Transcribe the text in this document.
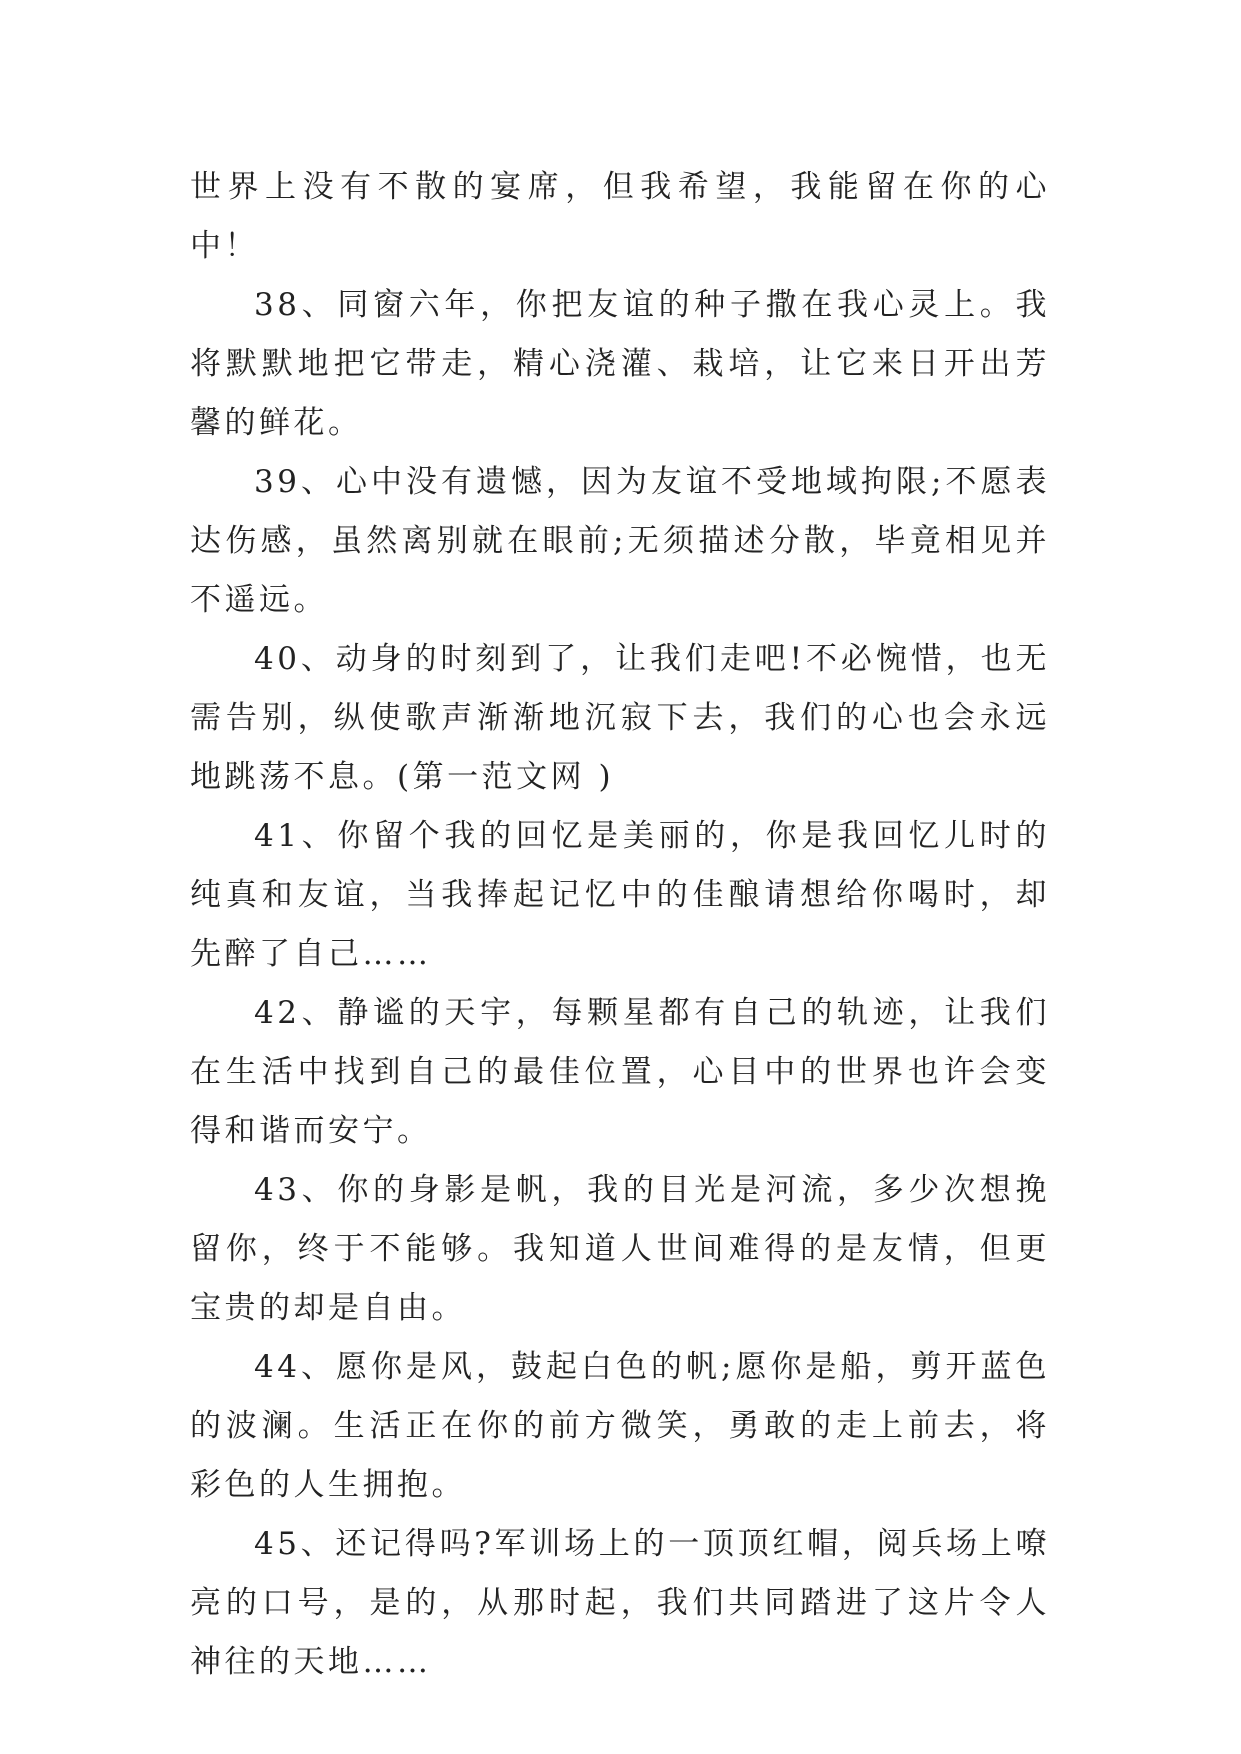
世界上没有不散的宴席，但我希望，我能留在你的心中！

38、同窗六年，你把友谊的种子撒在我心灵上。我将默默地把它带走，精心浇灌、栽培，让它来日开出芳馨的鲜花。

39、心中没有遗憾，因为友谊不受地域拘限;不愿表达伤感，虽然离别就在眼前;无须描述分散，毕竟相见并不遥远。

40、动身的时刻到了，让我们走吧!不必惋惜，也无需告别，纵使歌声渐渐地沉寂下去，我们的心也会永远地跳荡不息。(第一范文网 )

41、你留个我的回忆是美丽的，你是我回忆儿时的纯真和友谊，当我捧起记忆中的佳酿请想给你喝时，却先醉了自己……

42、静谧的天宇，每颗星都有自己的轨迹，让我们在生活中找到自己的最佳位置，心目中的世界也许会变得和谐而安宁。

43、你的身影是帆，我的目光是河流，多少次想挽留你，终于不能够。我知道人世间难得的是友情，但更宝贵的却是自由。

44、愿你是风，鼓起白色的帆;愿你是船，剪开蓝色的波澜。生活正在你的前方微笑，勇敢的走上前去，将彩色的人生拥抱。

45、还记得吗?军训场上的一顶顶红帽，阅兵场上嘹亮的口号，是的，从那时起，我们共同踏进了这片令人神往的天地……
